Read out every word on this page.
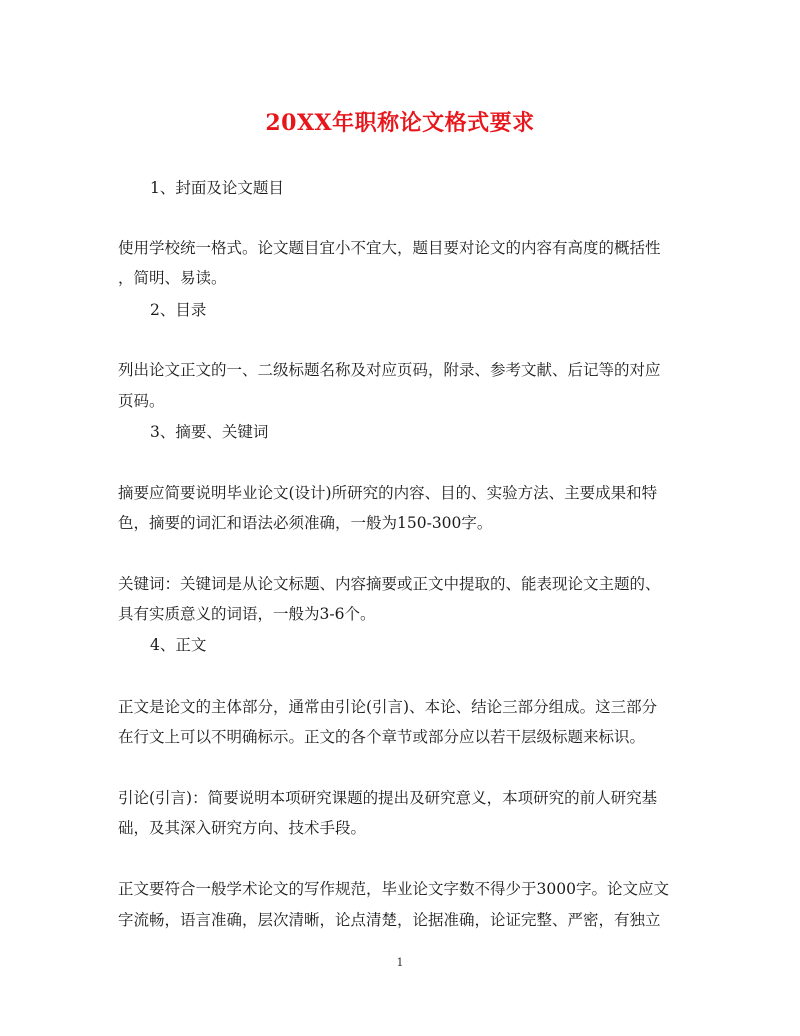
20XX年职称论文格式要求
1、封面及论文题目
使用学校统一格式。论文题目宜小不宜大，题目要对论文的内容有高度的概括性
，简明、易读。
2、目录
列出论文正文的一、二级标题名称及对应页码，附录、参考文献、后记等的对应
页码。
3、摘要、关键词
摘要应简要说明毕业论文(设计)所研究的内容、目的、实验方法、主要成果和特
色，摘要的词汇和语法必须准确，一般为150-300字。
关键词：关键词是从论文标题、内容摘要或正文中提取的、能表现论文主题的、
具有实质意义的词语，一般为3-6个。
4、正文
正文是论文的主体部分，通常由引论(引言)、本论、结论三部分组成。这三部分
在行文上可以不明确标示。正文的各个章节或部分应以若干层级标题来标识。
引论(引言)：简要说明本项研究课题的提出及研究意义，本项研究的前人研究基
础，及其深入研究方向、技术手段。
正文要符合一般学术论文的写作规范，毕业论文字数不得少于3000字。论文应文
字流畅，语言准确，层次清晰，论点清楚，论据准确，论证完整、严密，有独立
1
